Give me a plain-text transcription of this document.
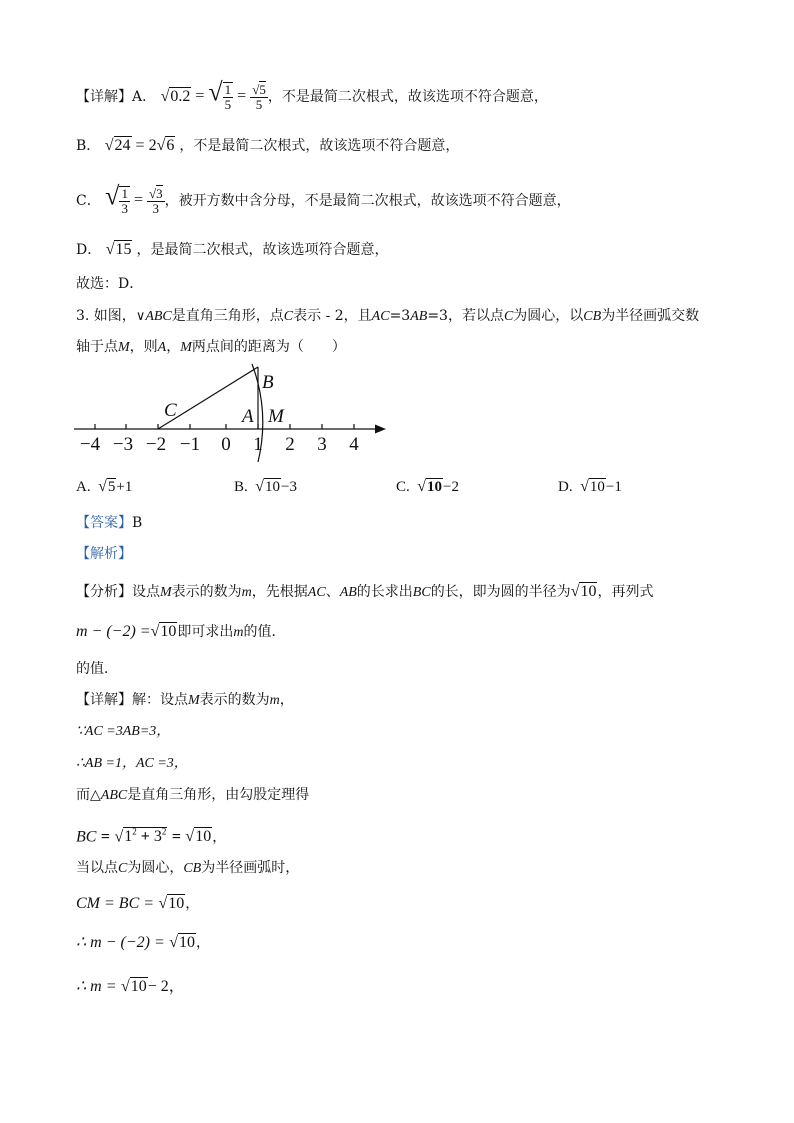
【详解】A． √0.2 = √ $\frac{1}{5} = \frac{√5}{5}$ ，不是最简二次根式，故该选项不符合题意，
B． √24 = 2√6 ，不是最简二次根式，故该选项不符合题意，
C． √ $\frac{1}{3} = \frac{√3}{3}$ ，被开方数中含分母，不是最简二次根式，故该选项不符合题意，
D． √15 ，是最简二次根式，故该选项符合题意，
故选：D．
3. 如图，∨ABC是直角三角形，点C表示 - 2，且AC=3AB=3，若以点C为圆心，以CB为半径画弧交数
轴于点M，则A，M两点间的距离为（　　）
−4 −3 −2 −1 0 1 2 3 4
C	A
B
M
A. √5+1	B. √10−3	C. √10−2	D. √10−1
【答案】B
【解析】
【分析】设点M表示的数为m，先根据AC、AB的长求出BC的长，即为圆的半径为√10，再列式
m − (−2) =√10即可求出m的值．
的值．
【详解】解：设点M表示的数为m，
∵AC =3AB=3，
∴AB =1，AC =3，
而△ABC是直角三角形，由勾股定理得
BC = $√1^2 + 3^2 = √10$，
当以点C为圆心，CB为半径画弧时，
CM = BC = √10，
∴ m − (−2) = √10，
∴ m = √10− 2，
